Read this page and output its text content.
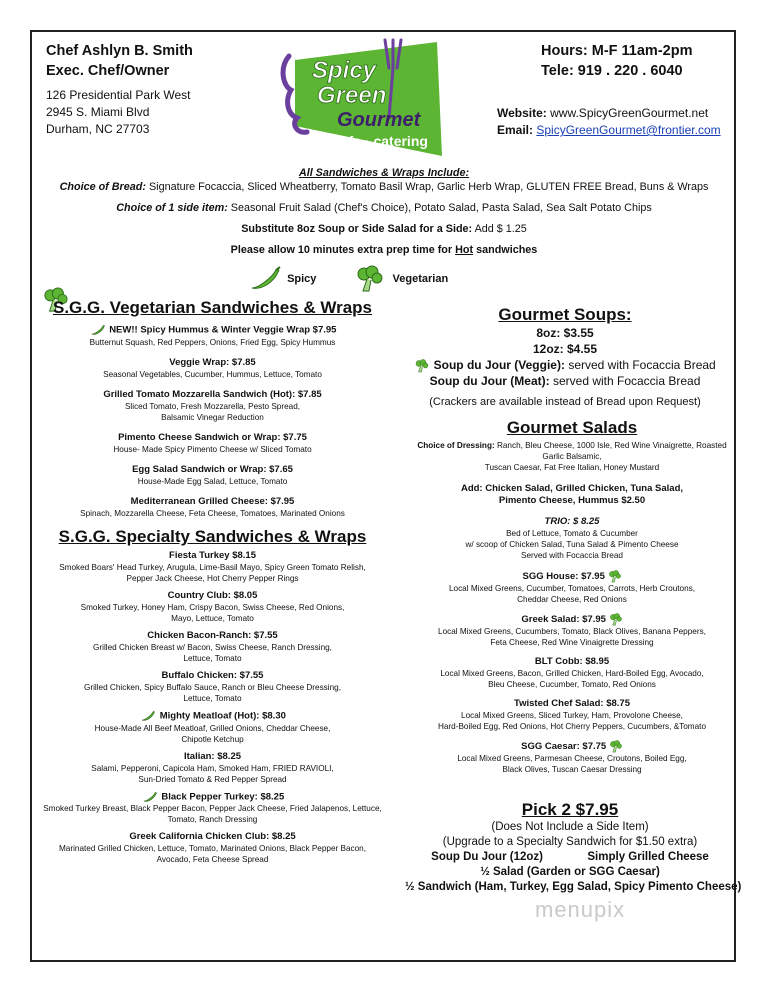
Chef Ashlyn B. Smith
Exec. Chef/Owner
126 Presidential Park West
2945 S. Miami Blvd
Durham, NC 27703
Spicy
Green
Gourmet
cafe · catering
Hours: M-F 11am-2pm
Tele: 919 . 220 . 6040
Website: www.SpicyGreenGourmet.net
Email: SpicyGreenGourmet@frontier.com
All Sandwiches & Wraps Include:
Choice of Bread: Signature Focaccia, Sliced Wheatberry, Tomato Basil Wrap, Garlic Herb Wrap, GLUTEN FREE Bread, Buns & Wraps
Choice of 1 side item: Seasonal Fruit Salad (Chef's Choice), Potato Salad, Pasta Salad, Sea Salt Potato Chips
Substitute 8oz Soup or Side Salad for a Side: Add $ 1.25
Please allow 10 minutes extra prep time for Hot sandwiches
Spicy	Vegetarian
S.G.G. Vegetarian Sandwiches & Wraps
NEW!! Spicy Hummus & Winter Veggie Wrap $7.95
Butternut Squash, Red Peppers, Onions, Fried Egg, Spicy Hummus
Veggie Wrap: $7.85
Seasonal Vegetables, Cucumber, Hummus, Lettuce, Tomato
Grilled Tomato Mozzarella Sandwich (Hot): $7.85
Sliced Tomato, Fresh Mozzarella, Pesto Spread,
Balsamic Vinegar Reduction
Pimento Cheese Sandwich or Wrap: $7.75
House- Made Spicy Pimento Cheese w/ Sliced Tomato
Egg Salad Sandwich or Wrap: $7.65
House-Made Egg Salad, Lettuce, Tomato
Mediterranean Grilled Cheese: $7.95
Spinach, Mozzarella Cheese, Feta Cheese, Tomatoes, Marinated Onions
S.G.G. Specialty Sandwiches & Wraps
Fiesta Turkey $8.15
Smoked Boars' Head Turkey, Arugula, Lime-Basil Mayo, Spicy Green Tomato Relish,
Pepper Jack Cheese, Hot Cherry Pepper Rings
Country Club: $8.05
Smoked Turkey, Honey Ham, Crispy Bacon, Swiss Cheese, Red Onions,
Mayo, Lettuce, Tomato
Chicken Bacon-Ranch: $7.55
Grilled Chicken Breast w/ Bacon, Swiss Cheese, Ranch Dressing,
Lettuce, Tomato
Buffalo Chicken: $7.55
Grilled Chicken, Spicy Buffalo Sauce, Ranch or Bleu Cheese Dressing,
Lettuce, Tomato
Mighty Meatloaf (Hot): $8.30
House-Made All Beef Meatloaf, Grilled Onions, Cheddar Cheese,
Chipotle Ketchup
Italian: $8.25
Salami, Pepperoni, Capicola Ham, Smoked Ham, FRIED RAVIOLI,
Sun-Dried Tomato & Red Pepper Spread
Black Pepper Turkey: $8.25
Smoked Turkey Breast, Black Pepper Bacon, Pepper Jack Cheese, Fried Jalapenos, Lettuce,
Tomato, Ranch Dressing
Greek California Chicken Club: $8.25
Marinated Grilled Chicken, Lettuce, Tomato, Marinated Onions, Black Pepper Bacon,
Avocado, Feta Cheese Spread
Gourmet Soups:
8oz: $3.55
12oz: $4.55
Soup du Jour (Veggie): served with Focaccia Bread
Soup du Jour (Meat): served with Focaccia Bread
(Crackers are available instead of Bread upon Request)
Gourmet Salads
Choice of Dressing: Ranch, Bleu Cheese, 1000 Isle, Red Wine Vinaigrette, Roasted Garlic Balsamic,
Tuscan Caesar, Fat Free Italian, Honey Mustard
Add: Chicken Salad, Grilled Chicken, Tuna Salad,
Pimento Cheese, Hummus $2.50
TRIO: $ 8.25
Bed of Lettuce, Tomato & Cucumber
w/ scoop of Chicken Salad, Tuna Salad & Pimento Cheese
Served with Focaccia Bread
SGG House: $7.95
Local Mixed Greens, Cucumber, Tomatoes, Carrots, Herb Croutons,
Cheddar Cheese, Red Onions
Greek Salad: $7.95
Local Mixed Greens, Cucumbers, Tomato, Black Olives, Banana Peppers,
Feta Cheese, Red Wine Vinaigrette Dressing
BLT Cobb: $8.95
Local Mixed Greens, Bacon, Grilled Chicken, Hard-Boiled Egg, Avocado,
Bleu Cheese, Cucumber, Tomato, Red Onions
Twisted Chef Salad: $8.75
Local Mixed Greens, Sliced Turkey, Ham, Provolone Cheese,
Hard-Boiled Egg, Red Onions, Hot Cherry Peppers, Cucumbers, &Tomato
SGG Caesar: $7.75
Local Mixed Greens, Parmesan Cheese, Croutons, Boiled Egg,
Black Olives, Tuscan Caesar Dressing
Pick 2 $7.95
(Does Not Include a Side Item)
(Upgrade to a Specialty Sandwich for $1.50 extra)
Soup Du Jour (12oz)	Simply Grilled Cheese
½ Salad (Garden or SGG Caesar)
½ Sandwich (Ham, Turkey, Egg Salad, Spicy Pimento Cheese)
menupix
